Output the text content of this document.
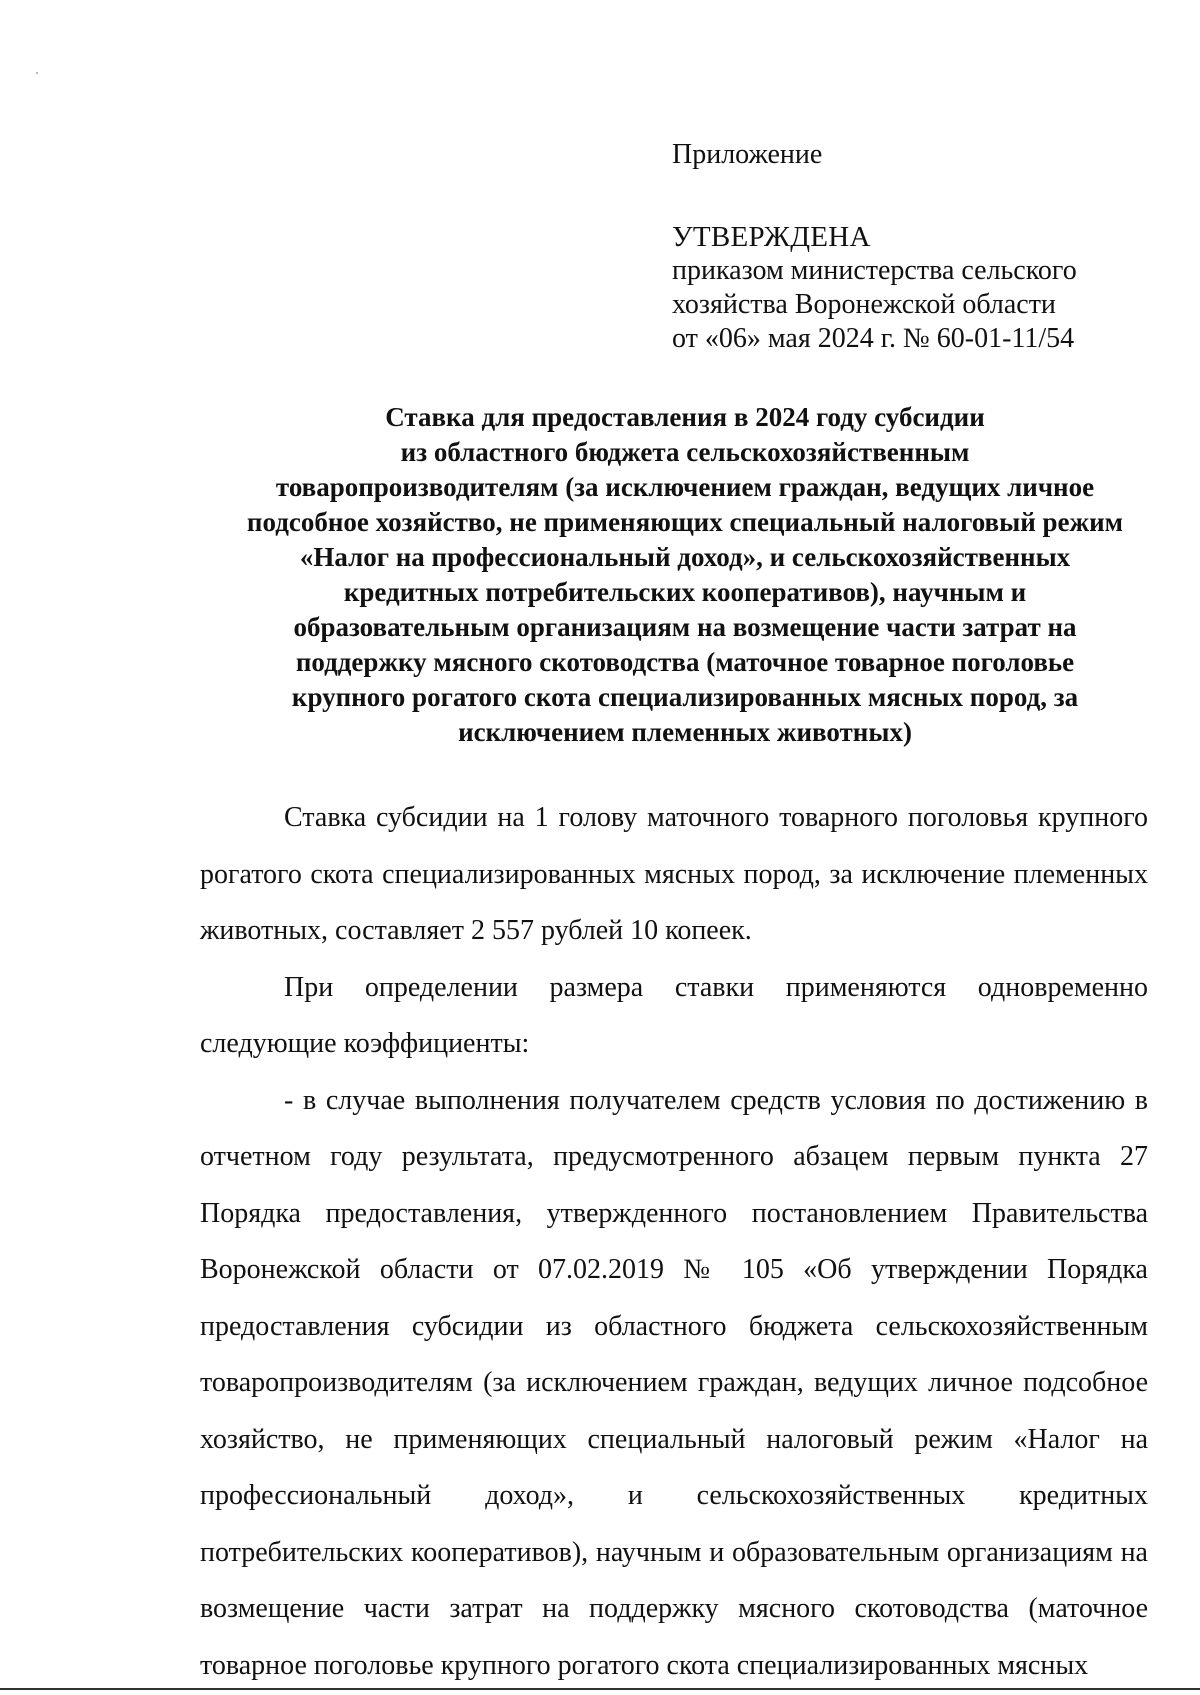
Приложение

УТВЕРЖДЕНА

приказом министерства сельского

хозяйства Воронежской области

от «06» мая 2024 г. № 60-01-11/54

Ставка для предоставления в 2024 году субсидии
из областного бюджета сельскохозяйственным
товаропроизводителям (за исключением граждан, ведущих личное
подсобное хозяйство, не применяющих специальный налоговый режим
«Налог на профессиональный доход», и сельскохозяйственных
кредитных потребительских кооперативов), научным и
образовательным организациям на возмещение части затрат на
поддержку мясного скотоводства (маточное товарное поголовье
крупного рогатого скота специализированных мясных пород, за
исключением племенных животных)

Ставка субсидии на 1 голову маточного товарного поголовья крупного рогатого скота специализированных мясных пород, за исключение племенных животных, составляет 2 557 рублей 10 копеек.

При определении размера ставки применяются одновременно следующие коэффициенты:

- в случае выполнения получателем средств условия по достижению в отчетном году результата, предусмотренного абзацем первым пункта 27 Порядка предоставления, утвержденного постановлением Правительства Воронежской области от 07.02.2019 № 105 «Об утверждении Порядка предоставления субсидии из областного бюджета сельскохозяйственным товаропроизводителям (за исключением граждан, ведущих личное подсобное хозяйство, не применяющих специальный налоговый режим «Налог на профессиональный доход», и сельскохозяйственных кредитных потребительских кооперативов), научным и образовательным организациям на возмещение части затрат на поддержку мясного скотоводства (маточное товарное поголовье крупного рогатого скота специализированных мясных
